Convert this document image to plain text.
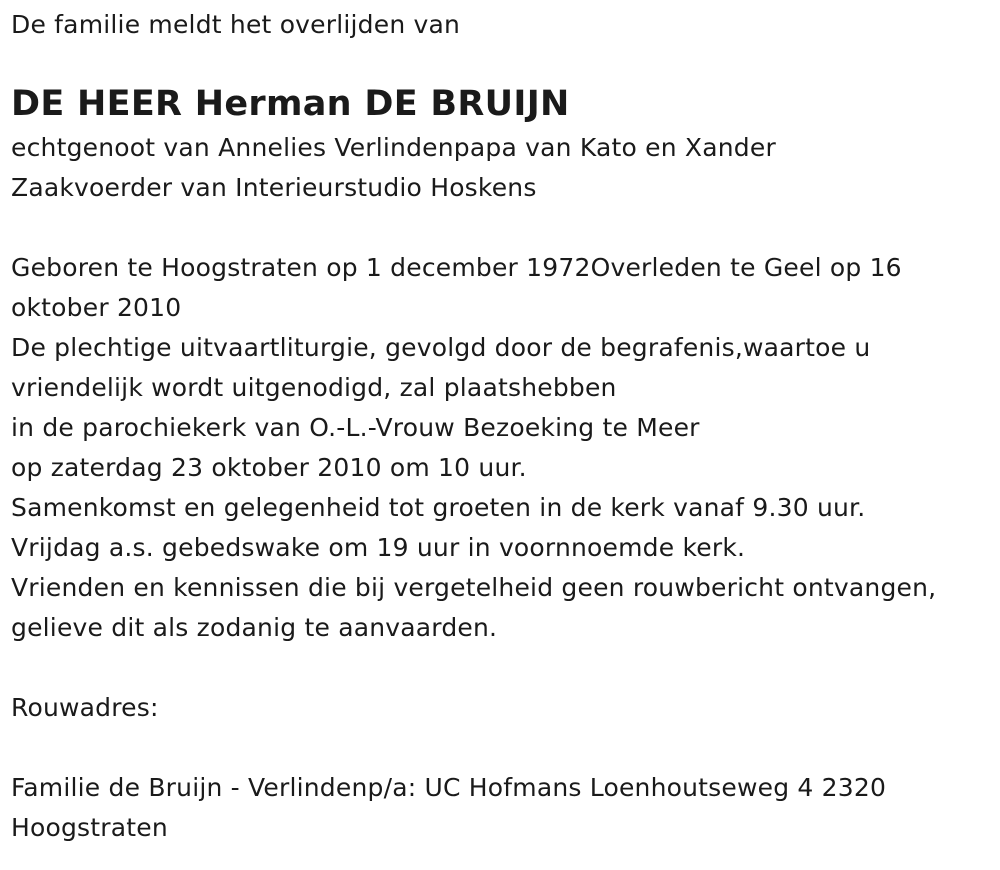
De familie meldt het overlijden van
DE HEER Herman DE BRUIJN
echtgenoot van Annelies Verlindenpapa van Kato en Xander
Zaakvoerder van Interieurstudio Hoskens
Geboren te Hoogstraten op 1 december 1972Overleden te Geel op 16
oktober 2010
De plechtige uitvaartliturgie, gevolgd door de begrafenis,waartoe u
vriendelijk wordt uitgenodigd, zal plaatshebben
in de parochiekerk van O.-L.-Vrouw Bezoeking te Meer
op zaterdag 23 oktober 2010 om 10 uur.
Samenkomst en gelegenheid tot groeten in de kerk vanaf 9.30 uur.
Vrijdag a.s. gebedswake om 19 uur in voornnoemde kerk.
Vrienden en kennissen die bij vergetelheid geen rouwbericht ontvangen,
gelieve dit als zodanig te aanvaarden.
Rouwadres:
Familie de Bruijn - Verlindenp/a: UC Hofmans Loenhoutseweg 4 2320
Hoogstraten
